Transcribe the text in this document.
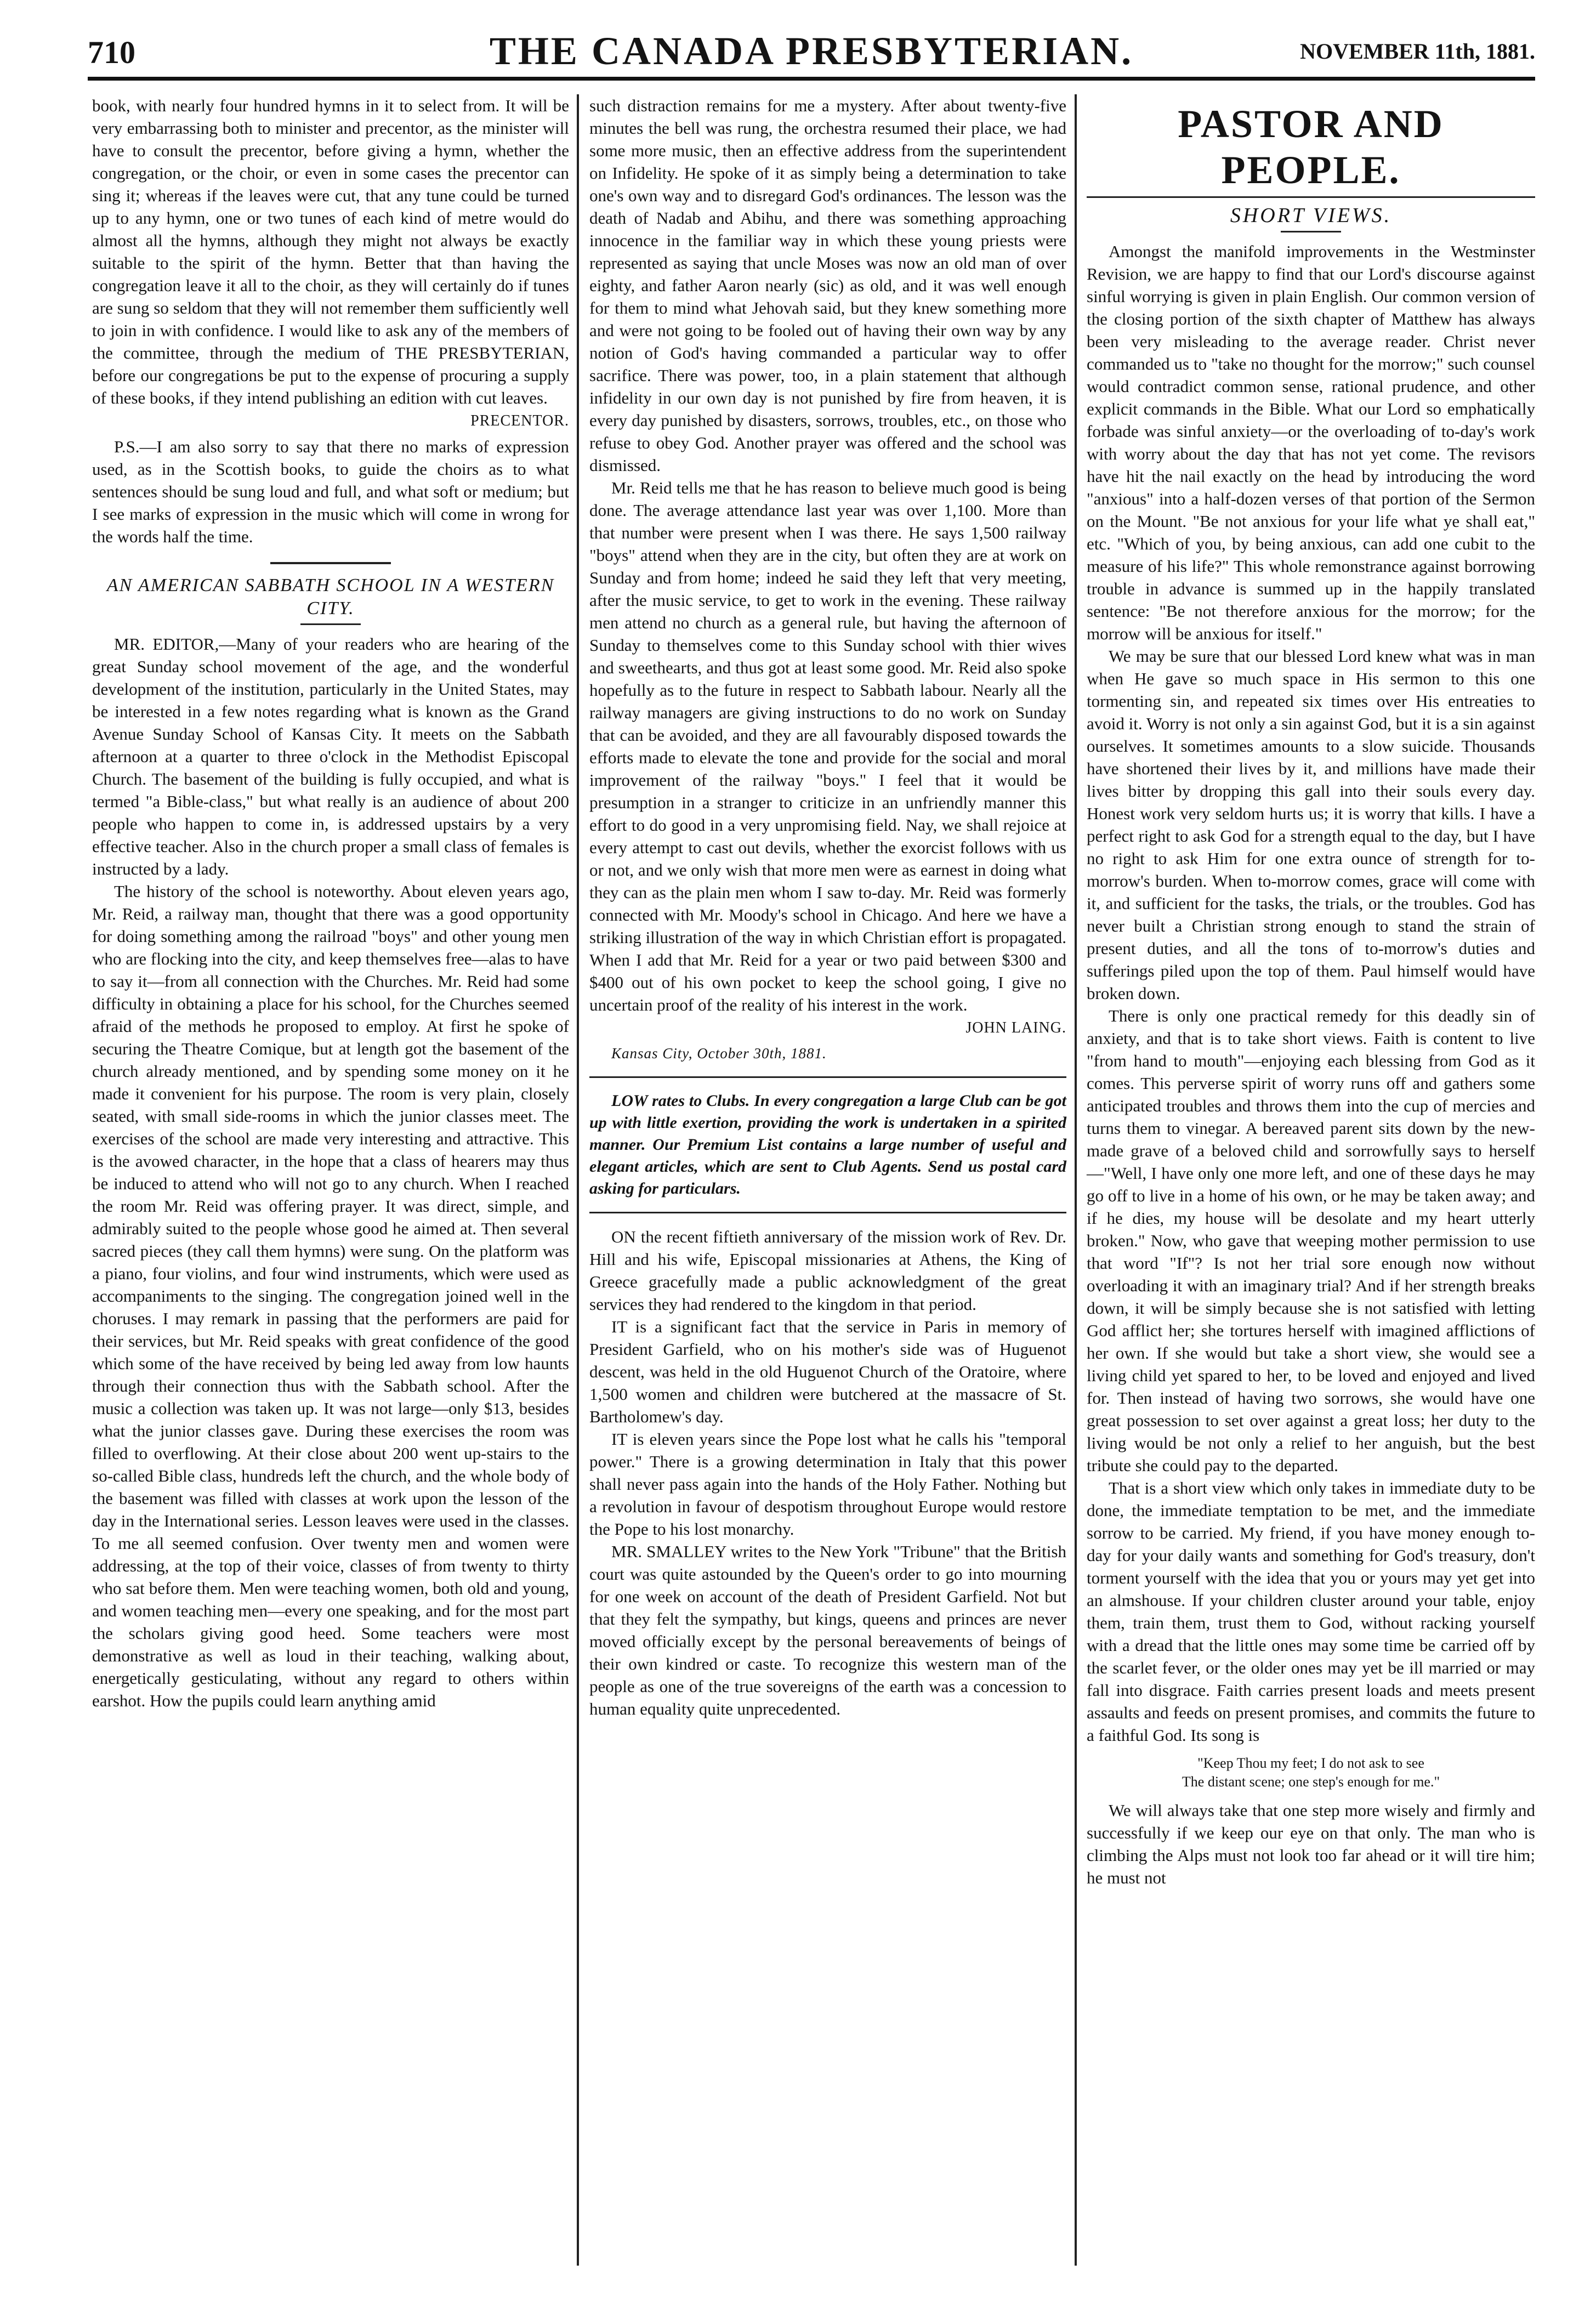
710	THE CANADA PRESBYTERIAN.	NOVEMBER 11th, 1881.

book, with nearly four hundred hymns in it to select from. It will be very embarrassing both to minister and precentor, as the minister will have to consult the precentor, before giving a hymn, whether the congregation, or the choir, or even in some cases the precentor can sing it; whereas if the leaves were cut, that any tune could be turned up to any hymn, one or two tunes of each kind of metre would do almost all the hymns, although they might not always be exactly suitable to the spirit of the hymn. Better that than having the congregation leave it all to the choir, as they will certainly do if tunes are sung so seldom that they will not remember them sufficiently well to join in with confidence. I would like to ask any of the members of the committee, through the medium of THE PRESBYTERIAN, before our congregations be put to the expense of procuring a supply of these books, if they intend publishing an edition with cut leaves.

PRECENTOR.

P.S.—I am also sorry to say that there no marks of expression used, as in the Scottish books, to guide the choirs as to what sentences should be sung loud and full, and what soft or medium; but I see marks of expression in the music which will come in wrong for the words half the time.

AN AMERICAN SABBATH SCHOOL IN A WESTERN CITY.

MR. EDITOR,—Many of your readers who are hearing of the great Sunday school movement of the age, and the wonderful development of the institution, particularly in the United States, may be interested in a few notes regarding what is known as the Grand Avenue Sunday School of Kansas City. It meets on the Sabbath afternoon at a quarter to three o'clock in the Methodist Episcopal Church. The basement of the building is fully occupied, and what is termed "a Bible-class," but what really is an audience of about 200 people who happen to come in, is addressed upstairs by a very effective teacher. Also in the church proper a small class of females is instructed by a lady.

The history of the school is noteworthy. About eleven years ago, Mr. Reid, a railway man, thought that there was a good opportunity for doing something among the railroad "boys" and other young men who are flocking into the city, and keep themselves free—alas to have to say it—from all connection with the Churches. Mr. Reid had some difficulty in obtaining a place for his school, for the Churches seemed afraid of the methods he proposed to employ. At first he spoke of securing the Theatre Comique, but at length got the basement of the church already mentioned, and by spending some money on it he made it convenient for his purpose. The room is very plain, closely seated, with small side-rooms in which the junior classes meet. The exercises of the school are made very interesting and attractive. This is the avowed character, in the hope that a class of hearers may thus be induced to attend who will not go to any church. When I reached the room Mr. Reid was offering prayer. It was direct, simple, and admirably suited to the people whose good he aimed at. Then several sacred pieces (they call them hymns) were sung. On the platform was a piano, four violins, and four wind instruments, which were used as accompaniments to the singing. The congregation joined well in the choruses. I may remark in passing that the performers are paid for their services, but Mr. Reid speaks with great confidence of the good which some of the have received by being led away from low haunts through their connection thus with the Sabbath school. After the music a collection was taken up. It was not large—only $13, besides what the junior classes gave. During these exercises the room was filled to overflowing. At their close about 200 went up-stairs to the so-called Bible class, hundreds left the church, and the whole body of the basement was filled with classes at work upon the lesson of the day in the International series. Lesson leaves were used in the classes. To me all seemed confusion. Over twenty men and women were addressing, at the top of their voice, classes of from twenty to thirty who sat before them. Men were teaching women, both old and young, and women teaching men—every one speaking, and for the most part the scholars giving good heed. Some teachers were most demonstrative as well as loud in their teaching, walking about, energetically gesticulating, without any regard to others within earshot. How the pupils could learn anything amid

such distraction remains for me a mystery. After about twenty-five minutes the bell was rung, the orchestra resumed their place, we had some more music, then an effective address from the superintendent on Infidelity. He spoke of it as simply being a determination to take one's own way and to disregard God's ordinances. The lesson was the death of Nadab and Abihu, and there was something approaching innocence in the familiar way in which these young priests were represented as saying that uncle Moses was now an old man of over eighty, and father Aaron nearly (sic) as old, and it was well enough for them to mind what Jehovah said, but they knew something more and were not going to be fooled out of having their own way by any notion of God's having commanded a particular way to offer sacrifice. There was power, too, in a plain statement that although infidelity in our own day is not punished by fire from heaven, it is every day punished by disasters, sorrows, troubles, etc., on those who refuse to obey God. Another prayer was offered and the school was dismissed.

Mr. Reid tells me that he has reason to believe much good is being done. The average attendance last year was over 1,100. More than that number were present when I was there. He says 1,500 railway "boys" attend when they are in the city, but often they are at work on Sunday and from home; indeed he said they left that very meeting, after the music service, to get to work in the evening. These railway men attend no church as a general rule, but having the afternoon of Sunday to themselves come to this Sunday school with thier wives and sweethearts, and thus got at least some good. Mr. Reid also spoke hopefully as to the future in respect to Sabbath labour. Nearly all the railway managers are giving instructions to do no work on Sunday that can be avoided, and they are all favourably disposed towards the efforts made to elevate the tone and provide for the social and moral improvement of the railway "boys." I feel that it would be presumption in a stranger to criticize in an unfriendly manner this effort to do good in a very unpromising field. Nay, we shall rejoice at every attempt to cast out devils, whether the exorcist follows with us or not, and we only wish that more men were as earnest in doing what they can as the plain men whom I saw to-day. Mr. Reid was formerly connected with Mr. Moody's school in Chicago. And here we have a striking illustration of the way in which Christian effort is propagated. When I add that Mr. Reid for a year or two paid between $300 and $400 out of his own pocket to keep the school going, I give no uncertain proof of the reality of his interest in the work.

JOHN LAING.
Kansas City, October 30th, 1881.

LOW rates to Clubs. In every congregation a large Club can be got up with little exertion, providing the work is undertaken in a spirited manner. Our Premium List contains a large number of useful and elegant articles, which are sent to Club Agents. Send us postal card asking for particulars.

ON the recent fiftieth anniversary of the mission work of Rev. Dr. Hill and his wife, Episcopal missionaries at Athens, the King of Greece gracefully made a public acknowledgment of the great services they had rendered to the kingdom in that period.

IT is a significant fact that the service in Paris in memory of President Garfield, who on his mother's side was of Huguenot descent, was held in the old Huguenot Church of the Oratoire, where 1,500 women and children were butchered at the massacre of St. Bartholomew's day.

IT is eleven years since the Pope lost what he calls his "temporal power." There is a growing determination in Italy that this power shall never pass again into the hands of the Holy Father. Nothing but a revolution in favour of despotism throughout Europe would restore the Pope to his lost monarchy.

MR. SMALLEY writes to the New York "Tribune" that the British court was quite astounded by the Queen's order to go into mourning for one week on account of the death of President Garfield. Not but that they felt the sympathy, but kings, queens and princes are never moved officially except by the personal bereavements of beings of their own kindred or caste. To recognize this western man of the people as one of the true sovereigns of the earth was a concession to human equality quite unprecedented.

PASTOR AND PEOPLE.
SHORT VIEWS.

Amongst the manifold improvements in the Westminster Revision, we are happy to find that our Lord's discourse against sinful worrying is given in plain English. Our common version of the closing portion of the sixth chapter of Matthew has always been very misleading to the average reader. Christ never commanded us to "take no thought for the morrow;" such counsel would contradict common sense, rational prudence, and other explicit commands in the Bible. What our Lord so emphatically forbade was sinful anxiety—or the overloading of to-day's work with worry about the day that has not yet come. The revisors have hit the nail exactly on the head by introducing the word "anxious" into a half-dozen verses of that portion of the Sermon on the Mount. "Be not anxious for your life what ye shall eat," etc. "Which of you, by being anxious, can add one cubit to the measure of his life?" This whole remonstrance against borrowing trouble in advance is summed up in the happily translated sentence: "Be not therefore anxious for the morrow; for the morrow will be anxious for itself."

We may be sure that our blessed Lord knew what was in man when He gave so much space in His sermon to this one tormenting sin, and repeated six times over His entreaties to avoid it. Worry is not only a sin against God, but it is a sin against ourselves. It sometimes amounts to a slow suicide. Thousands have shortened their lives by it, and millions have made their lives bitter by dropping this gall into their souls every day. Honest work very seldom hurts us; it is worry that kills. I have a perfect right to ask God for a strength equal to the day, but I have no right to ask Him for one extra ounce of strength for to-morrow's burden. When to-morrow comes, grace will come with it, and sufficient for the tasks, the trials, or the troubles. God has never built a Christian strong enough to stand the strain of present duties, and all the tons of to-morrow's duties and sufferings piled upon the top of them. Paul himself would have broken down.

There is only one practical remedy for this deadly sin of anxiety, and that is to take short views. Faith is content to live "from hand to mouth"—enjoying each blessing from God as it comes. This perverse spirit of worry runs off and gathers some anticipated troubles and throws them into the cup of mercies and turns them to vinegar. A bereaved parent sits down by the new-made grave of a beloved child and sorrowfully says to herself—"Well, I have only one more left, and one of these days he may go off to live in a home of his own, or he may be taken away; and if he dies, my house will be desolate and my heart utterly broken." Now, who gave that weeping mother permission to use that word "If"? Is not her trial sore enough now without overloading it with an imaginary trial? And if her strength breaks down, it will be simply because she is not satisfied with letting God afflict her; she tortures herself with imagined afflictions of her own. If she would but take a short view, she would see a living child yet spared to her, to be loved and enjoyed and lived for. Then instead of having two sorrows, she would have one great possession to set over against a great loss; her duty to the living would be not only a relief to her anguish, but the best tribute she could pay to the departed.

That is a short view which only takes in immediate duty to be done, the immediate temptation to be met, and the immediate sorrow to be carried. My friend, if you have money enough to-day for your daily wants and something for God's treasury, don't torment yourself with the idea that you or yours may yet get into an almshouse. If your children cluster around your table, enjoy them, train them, trust them to God, without racking yourself with a dread that the little ones may some time be carried off by the scarlet fever, or the older ones may yet be ill married or may fall into disgrace. Faith carries present loads and meets present assaults and feeds on present promises, and commits the future to a faithful God. Its song is

"Keep Thou my feet; I do not ask to see
The distant scene; one step's enough for me."

We will always take that one step more wisely and firmly and successfully if we keep our eye on that only. The man who is climbing the Alps must not look too far ahead or it will tire him; he must not
